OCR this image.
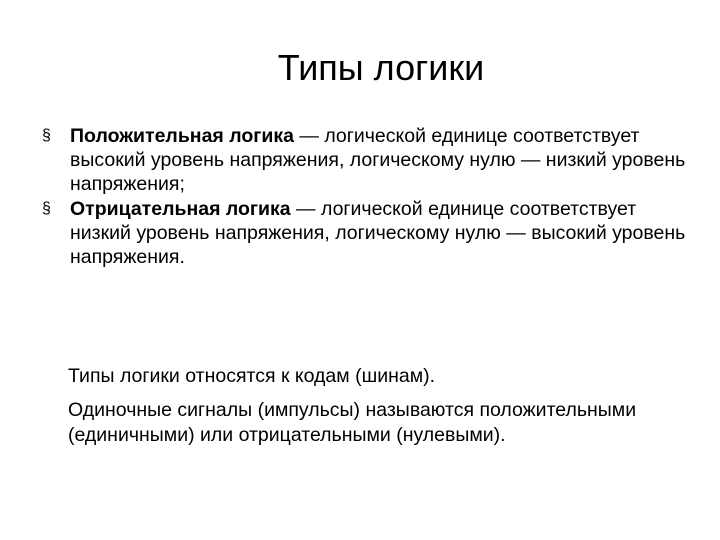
Типы логики
§ Положительная логика — логической единице соответствует высокий уровень напряжения, логическому нулю — низкий уровень напряжения;
§ Отрицательная логика — логической единице соответствует низкий уровень напряжения, логическому нулю — высокий уровень напряжения.

Типы логики относятся к кодам (шинам).

Одиночные сигналы (импульсы) называются положительными (единичными) или отрицательными (нулевыми).
